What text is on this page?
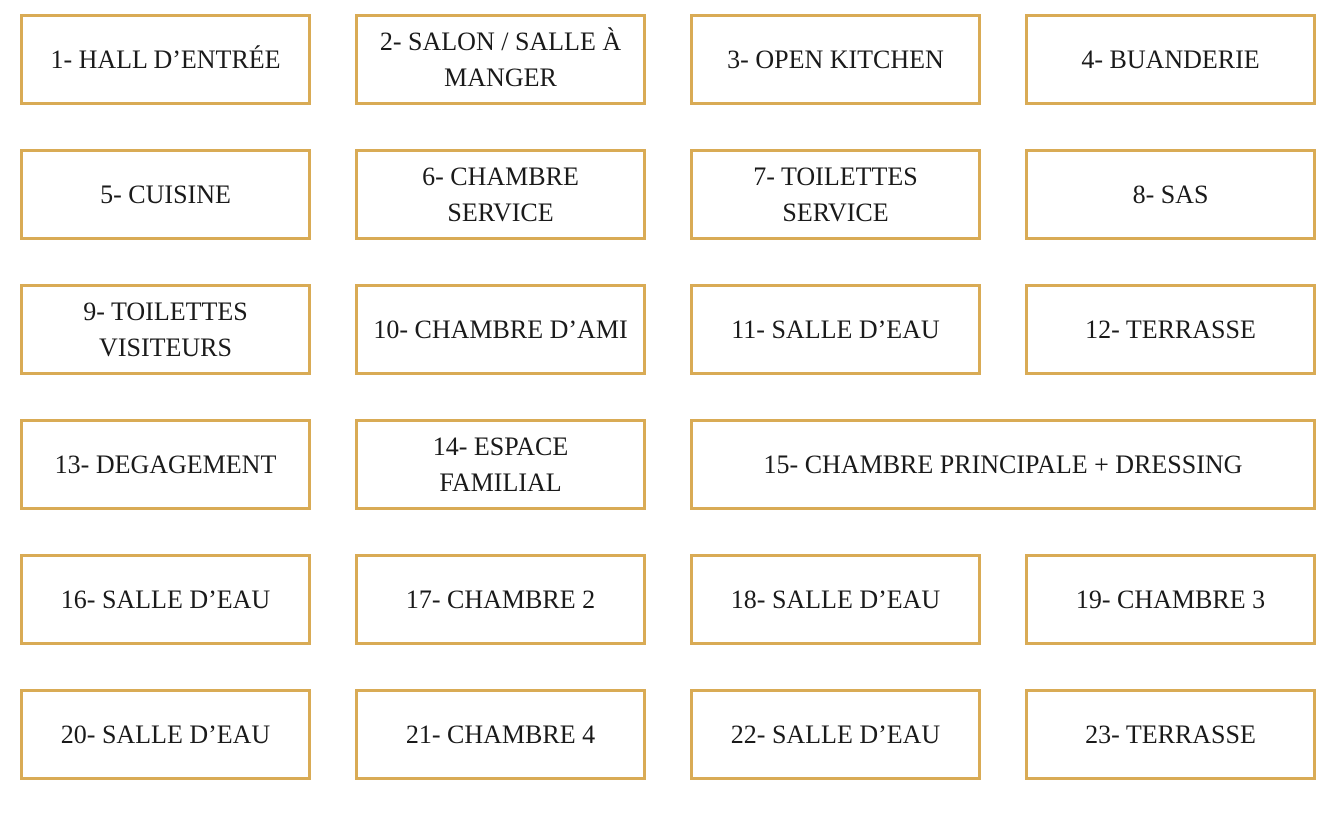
1- HALL D’ENTRÉE
2- SALON / SALLE À MANGER
3- OPEN KITCHEN	4- BUANDERIE
5- CUISINE
6- CHAMBRE SERVICE
7- TOILETTES SERVICE
8- SAS
9- TOILETTES VISITEURS
10- CHAMBRE D’AMI	11- SALLE D’EAU	12- TERRASSE
13- DEGAGEMENT
14- ESPACE FAMILIAL
15- CHAMBRE PRINCIPALE + DRESSING
16- SALLE D’EAU	17- CHAMBRE 2	18- SALLE D’EAU	19- CHAMBRE 3
20- SALLE D’EAU	21- CHAMBRE 4	22- SALLE D’EAU	23- TERRASSE
